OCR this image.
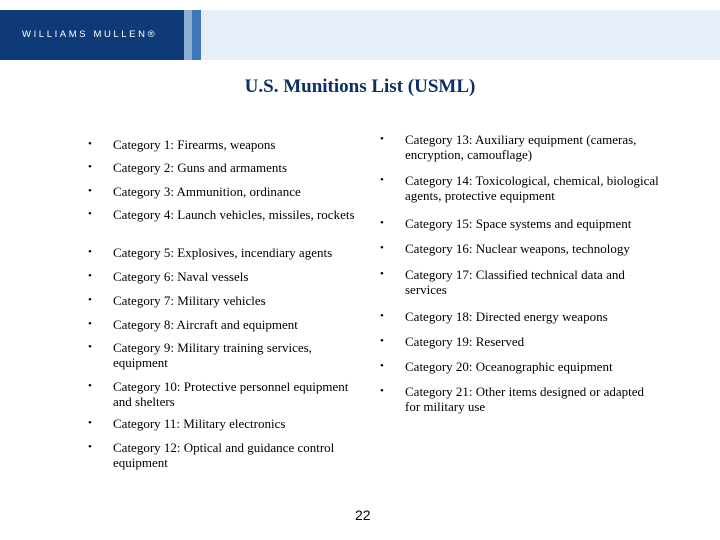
WILLIAMS MULLEN®
U.S. Munitions List (USML)
• Category 1: Firearms, weapons
• Category 2: Guns and armaments
• Category 3: Ammunition, ordinance
• Category 4: Launch vehicles, missiles, rockets
• Category 5: Explosives, incendiary agents
• Category 6: Naval vessels
• Category 7: Military vehicles
• Category 8: Aircraft and equipment
• Category 9: Military training services, equipment
• Category 10: Protective personnel equipment and shelters
• Category 11: Military electronics
• Category 12: Optical and guidance control equipment
• Category 13: Auxiliary equipment (cameras, encryption, camouflage)
• Category 14: Toxicological, chemical, biological agents, protective equipment
• Category 15: Space systems and equipment
• Category 16: Nuclear weapons, technology
• Category 17: Classified technical data and services
• Category 18: Directed energy weapons
• Category 19: Reserved
• Category 20: Oceanographic equipment
• Category 21: Other items designed or adapted for military use
22
